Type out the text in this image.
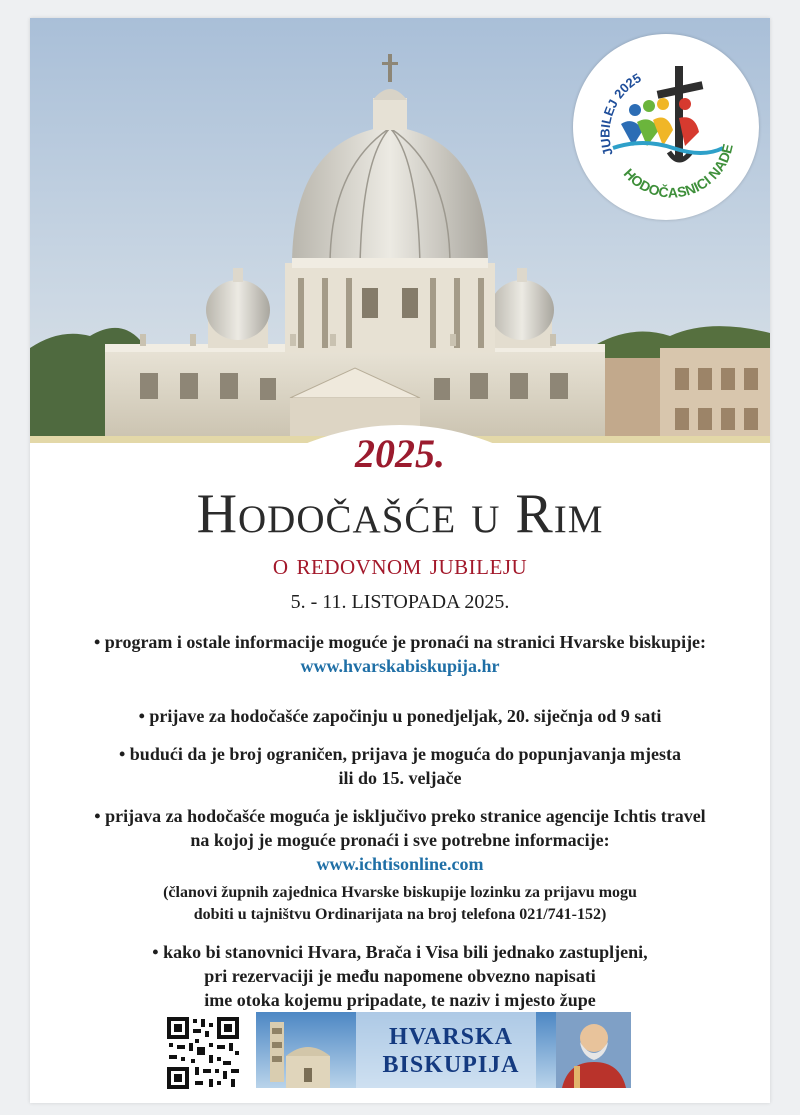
JUBILEJ 2025
HODOČASNICI NADE
2025.
Hodočašće u Rim
o redovnom jubileju
5. - 11. LISTOPADA 2025.
• program i ostale informacije moguće je pronaći na stranici Hvarske biskupije:
www.hvarskabiskupija.hr
• prijave za hodočašće započinju u ponedjeljak, 20. siječnja od 9 sati
• budući da je broj ograničen, prijava je moguća do popunjavanja mjesta
ili do 15. veljače
• prijava za hodočašće moguća je isključivo preko stranice agencije Ichtis travel
na kojoj je moguće pronaći i sve potrebne informacije:
www.ichtisonline.com
(članovi župnih zajednica Hvarske biskupije lozinku za prijavu mogu
dobiti u tajništvu Ordinarijata na broj telefona 021/741-152)
• kako bi stanovnici Hvara, Brača i Visa bili jednako zastupljeni,
pri rezervaciji je među napomene obvezno napisati
ime otoka kojemu pripadate, te naziv i mjesto župe
HVARSKA
BISKUPIJA
